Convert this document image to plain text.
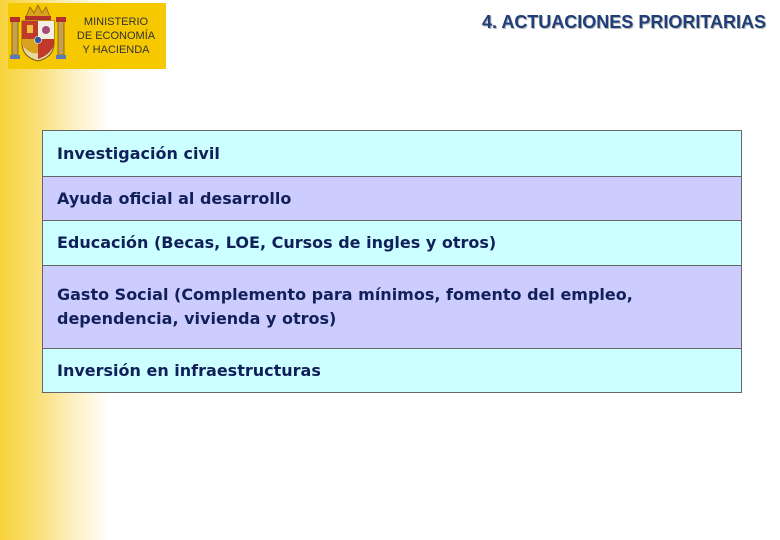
MINISTERIO
DE ECONOMÍA
Y HACIENDA
4. ACTUACIONES PRIORITARIAS
Investigación civil
Ayuda oficial al desarrollo
Educación (Becas, LOE, Cursos de ingles y otros)
Gasto Social (Complemento para mínimos, fomento del empleo, dependencia, vivienda y otros)
Inversión en infraestructuras
